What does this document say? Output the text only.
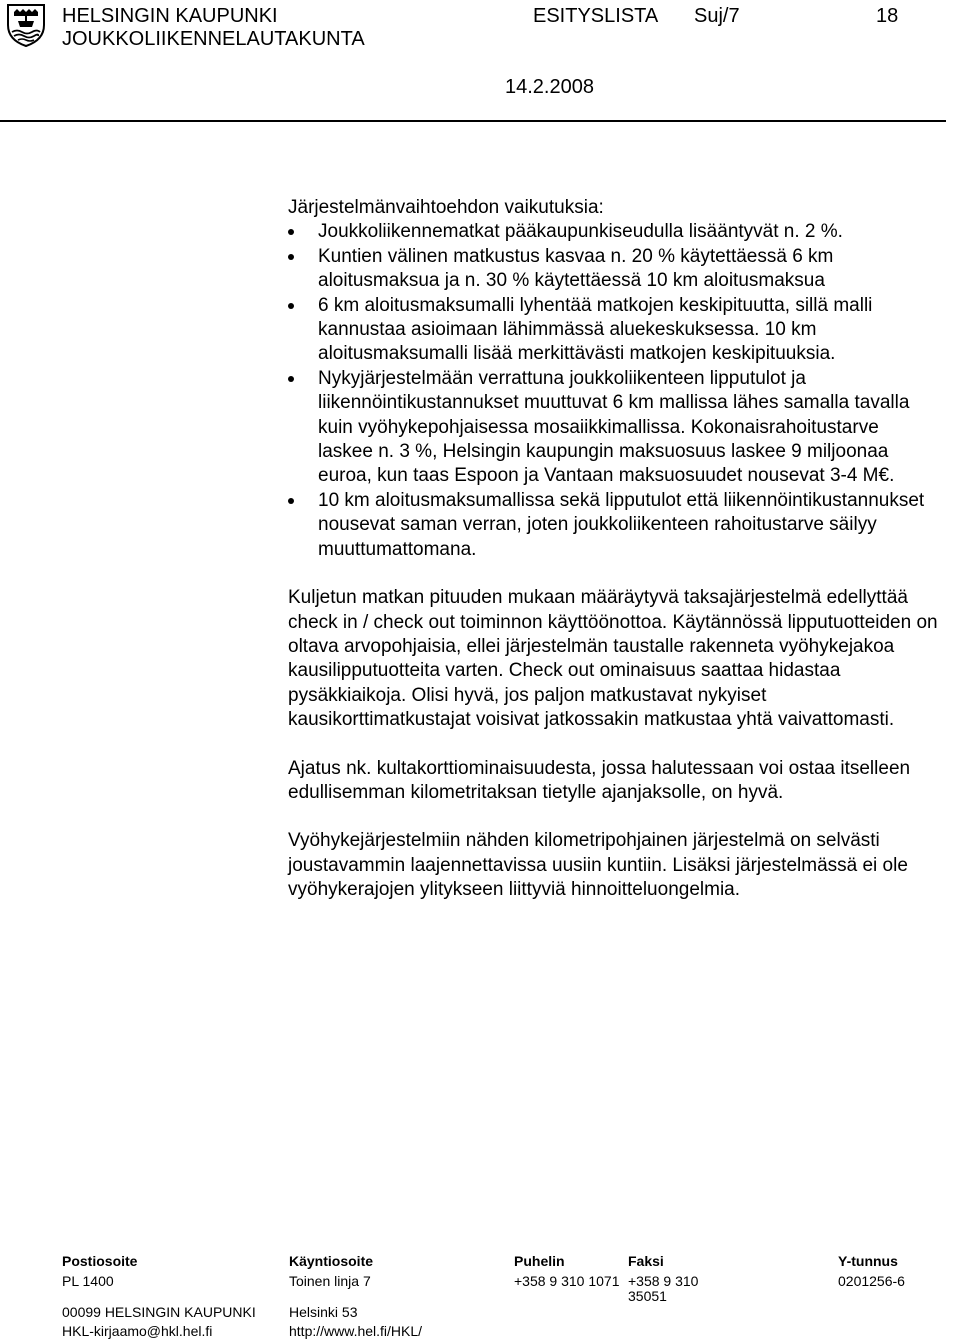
HELSINGIN KAUPUNKI
JOUKKOLIIKENNELAUTAKUNTA
ESITYSLISTA Suj/7	18
14.2.2008

Järjestelmänvaihtoehdon vaikutuksia:

Joukkoliikennematkat pääkaupunkiseudulla lisääntyvät n. 2 %.
Kuntien välinen matkustus kasvaa n. 20 % käytettäessä 6 km aloitusmaksua ja n. 30 % käytettäessä 10 km aloitusmaksua
6 km aloitusmaksumalli lyhentää matkojen keskipituutta, sillä malli kannustaa asioimaan lähimmässä aluekeskuksessa. 10 km aloitusmaksumalli lisää merkittävästi matkojen keskipituuksia.
Nykyjärjestelmään verrattuna joukkoliikenteen lipputulot ja liikennöintikustannukset muuttuvat 6 km mallissa lähes samalla tavalla kuin vyöhykepohjaisessa mosaiikkimallissa. Kokonaisrahoitustarve laskee n. 3 %, Helsingin kaupungin maksuosuus laskee 9 miljoonaa euroa, kun taas Espoon ja Vantaan maksuosuudet nousevat 3-4 M€.
10 km aloitusmaksumallissa sekä lipputulot että liikennöintikustannukset nousevat saman verran, joten joukkoliikenteen rahoitustarve säilyy muuttumattomana.

Kuljetun matkan pituuden mukaan määräytyvä taksajärjestelmä edellyttää check in / check out toiminnon käyttöönottoa. Käytännössä lipputuotteiden on oltava arvopohjaisia, ellei järjestelmän taustalle rakenneta vyöhykejakoa kausilipputuotteita varten. Check out ominaisuus saattaa hidastaa pysäkkiaikoja. Olisi hyvä, jos paljon matkustavat nykyiset kausikorttimatkustajat voisivat jatkossakin matkustaa yhtä vaivattomasti.

Ajatus nk. kultakorttiominaisuudesta, jossa halutessaan voi ostaa itselleen edullisemman kilometritaksan tietylle ajanjaksolle, on hyvä.

Vyöhykejärjestelmiin nähden kilometripohjainen järjestelmä on selvästi joustavammin laajennettavissa uusiin kuntiin. Lisäksi järjestelmässä ei ole vyöhykerajojen ylitykseen liittyviä hinnoitteluongelmia.

Postiosoite
PL 1400
00099 HELSINGIN KAUPUNKI
HKL-kirjaamo@hkl.hel.fi
Käyntiosoite
Toinen linja 7
Helsinki 53
http://www.hel.fi/HKL/
Puhelin
+358 9 310 1071
Faksi
+358 9 310
35051
Y-tunnus
0201256-6
